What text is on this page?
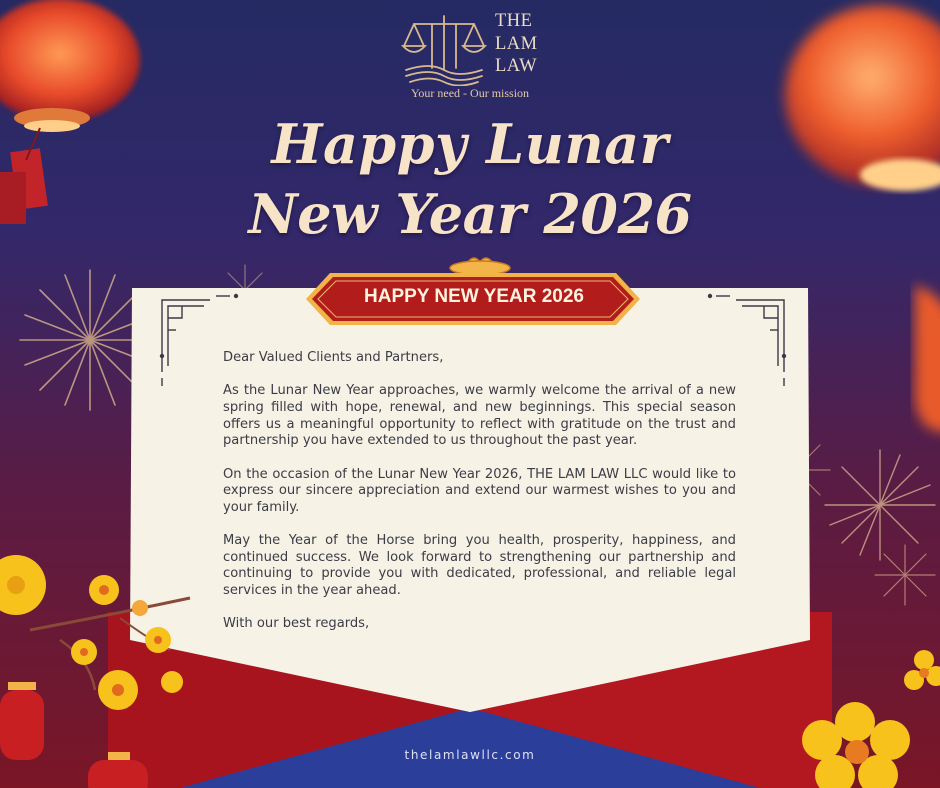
THE
LAM
LAW
Your need - Our mission
Happy Lunar
New Year 2026
HAPPY NEW YEAR 2026

Dear Valued Clients and Partners,

As the Lunar New Year approaches, we warmly welcome the arrival of a new spring filled with hope, renewal, and new beginnings. This special season offers us a meaningful opportunity to reflect with gratitude on the trust and partnership you have extended to us throughout the past year.

On the occasion of the Lunar New Year 2026, THE LAM LAW LLC would like to express our sincere appreciation and extend our warmest wishes to you and your family.

May the Year of the Horse bring you health, prosperity, happiness, and continued success. We look forward to strengthening our partnership and continuing to provide you with dedicated, professional, and reliable legal services in the year ahead.

With our best regards,

thelamlawllc.com
